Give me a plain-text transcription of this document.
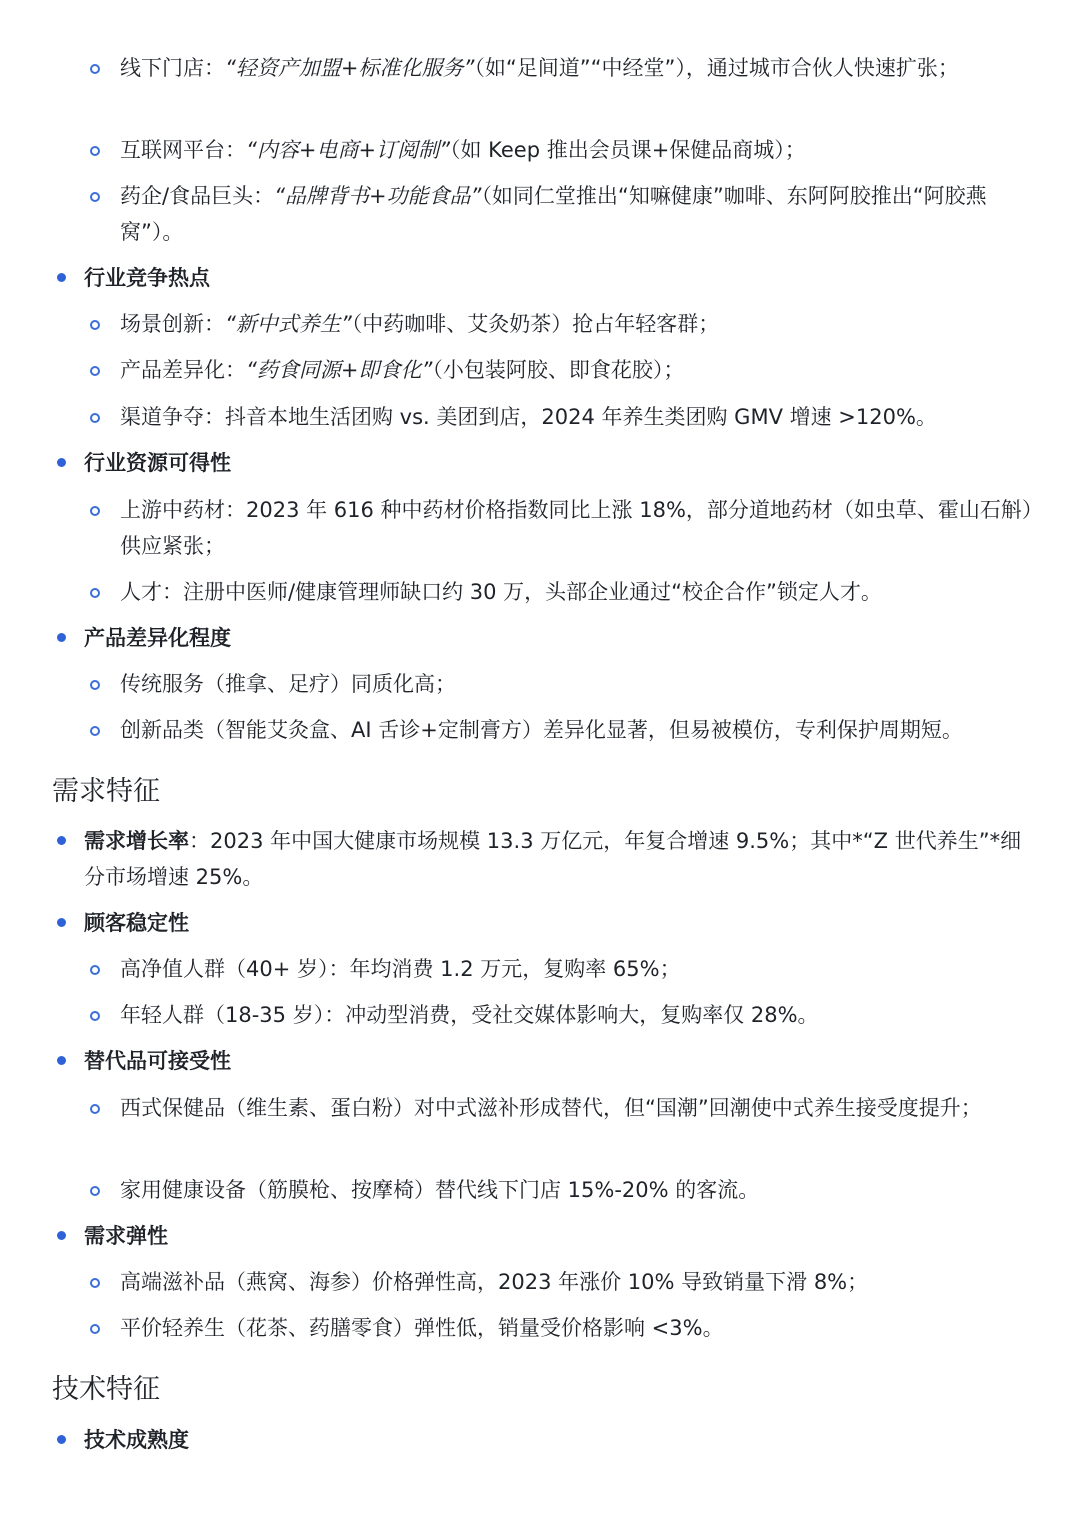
线下门店：“轻资产加盟+标准化服务”（如“足间道”“中经堂”），通过城市合伙人快速扩张；
互联网平台：“内容+电商+订阅制”（如 Keep 推出会员课+保健品商城）；
药企/食品巨头：“品牌背书+功能食品”（如同仁堂推出“知嘛健康”咖啡、东阿阿胶推出“阿胶燕窝”）。
行业竞争热点
场景创新：“新中式养生”（中药咖啡、艾灸奶茶）抢占年轻客群；
产品差异化：“药食同源+即食化”（小包装阿胶、即食花胶）；
渠道争夺：抖音本地生活团购 vs. 美团到店，2024 年养生类团购 GMV 增速 >120%。
行业资源可得性
上游中药材：2023 年 616 种中药材价格指数同比上涨 18%，部分道地药材（如虫草、霍山石斛）供应紧张；
人才：注册中医师/健康管理师缺口约 30 万，头部企业通过“校企合作”锁定人才。
产品差异化程度
传统服务（推拿、足疗）同质化高；
创新品类（智能艾灸盒、AI 舌诊+定制膏方）差异化显著，但易被模仿，专利保护周期短。
需求特征
需求增长率：2023 年中国大健康市场规模 13.3 万亿元，年复合增速 9.5%；其中*“Z 世代养生”*细分市场增速 25%。
顾客稳定性
高净值人群（40+ 岁）：年均消费 1.2 万元，复购率 65%；
年轻人群（18-35 岁）：冲动型消费，受社交媒体影响大，复购率仅 28%。
替代品可接受性
西式保健品（维生素、蛋白粉）对中式滋补形成替代，但“国潮”回潮使中式养生接受度提升；
家用健康设备（筋膜枪、按摩椅）替代线下门店 15%-20% 的客流。
需求弹性
高端滋补品（燕窝、海参）价格弹性高，2023 年涨价 10% 导致销量下滑 8%；
平价轻养生（花茶、药膳零食）弹性低，销量受价格影响 <3%。
技术特征
技术成熟度
